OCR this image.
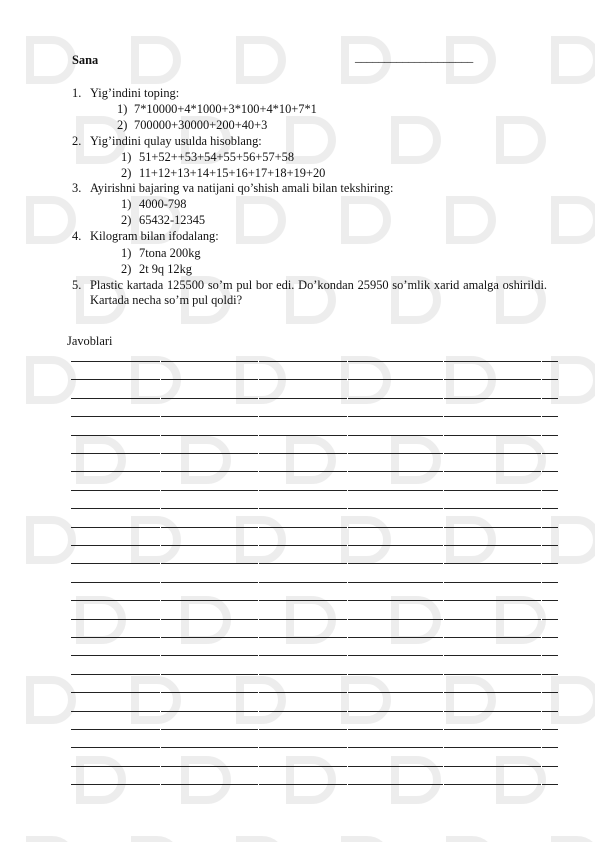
Sana	____________________
1. Yig’indini toping:
1) 7*10000+4*1000+3*100+4*10+7*1
2) 700000+30000+200+40+3
2. Yig’indini qulay usulda hisoblang:
1) 51+52++53+54+55+56+57+58
2) 11+12+13+14+15+16+17+18+19+20
3. Ayirishni bajaring va natijani qo’shish amali bilan tekshiring:
1) 4000-798
2) 65432-12345
4. Kilogram bilan ifodalang:
1) 7tona 200kg
2) 2t 9q 12kg
5. Plastic kartada 125500 so’m pul bor edi. Do’kondan 25950 so’mlik xarid amalga oshirildi. Kartada necha so’m pul qoldi?
Javoblari
